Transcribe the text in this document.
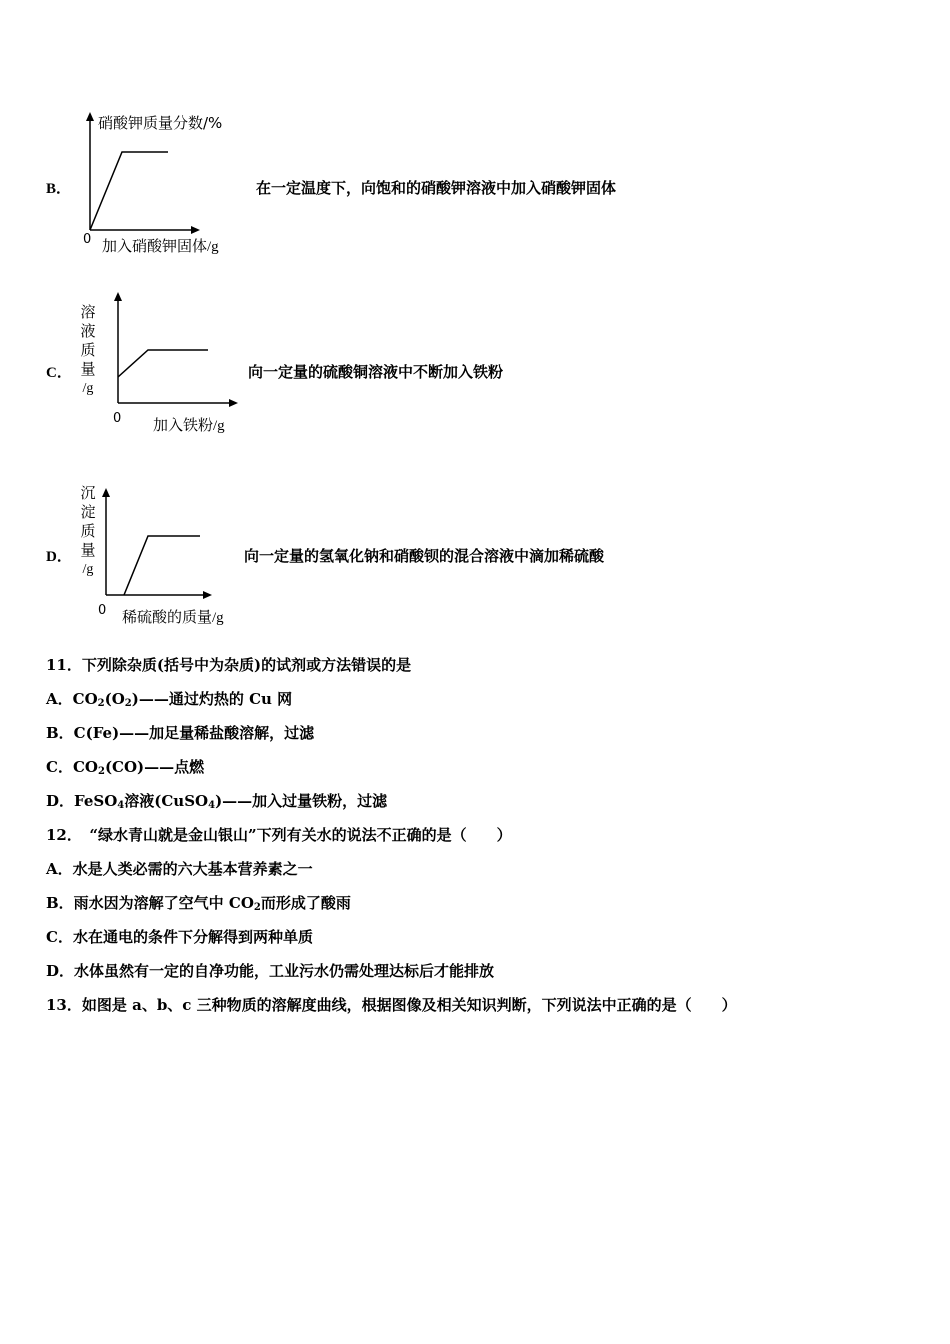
B．
硝酸钾质量分数/%
0 加入硝酸钾固体/g
在一定温度下，向饱和的硝酸钾溶液中加入硝酸钾固体
C．
溶
液
质
量
/g
0 加入铁粉/g
向一定量的硫酸铜溶液中不断加入铁粉
D．
沉
淀
质
量
/g
0 稀硫酸的质量/g
向一定量的氢氧化钠和硝酸钡的混合溶液中滴加稀硫酸
11．下列除杂质(括号中为杂质)的试剂或方法错误的是
A．$CO_2(O_2)——$通过灼热的 Cu 网
B．C(Fe)——加足量稀盐酸溶解，过滤
C．$CO_2(CO)——$点燃
D．FeSO$_4$溶液(CuSO$_4$)——加入过量铁粉，过滤
12．　“绿水青山就是金山银山”下列有关水的说法不正确的是（　　）
A．水是人类必需的六大基本营养素之一
B．雨水因为溶解了空气中 $CO_2$而形成了酸雨
C．水在通电的条件下分解得到两种单质
D．水体虽然有一定的自净功能，工业污水仍需处理达标后才能排放
13．如图是 a、b、c 三种物质的溶解度曲线，根据图像及相关知识判断，下列说法中正确的是（　　）
